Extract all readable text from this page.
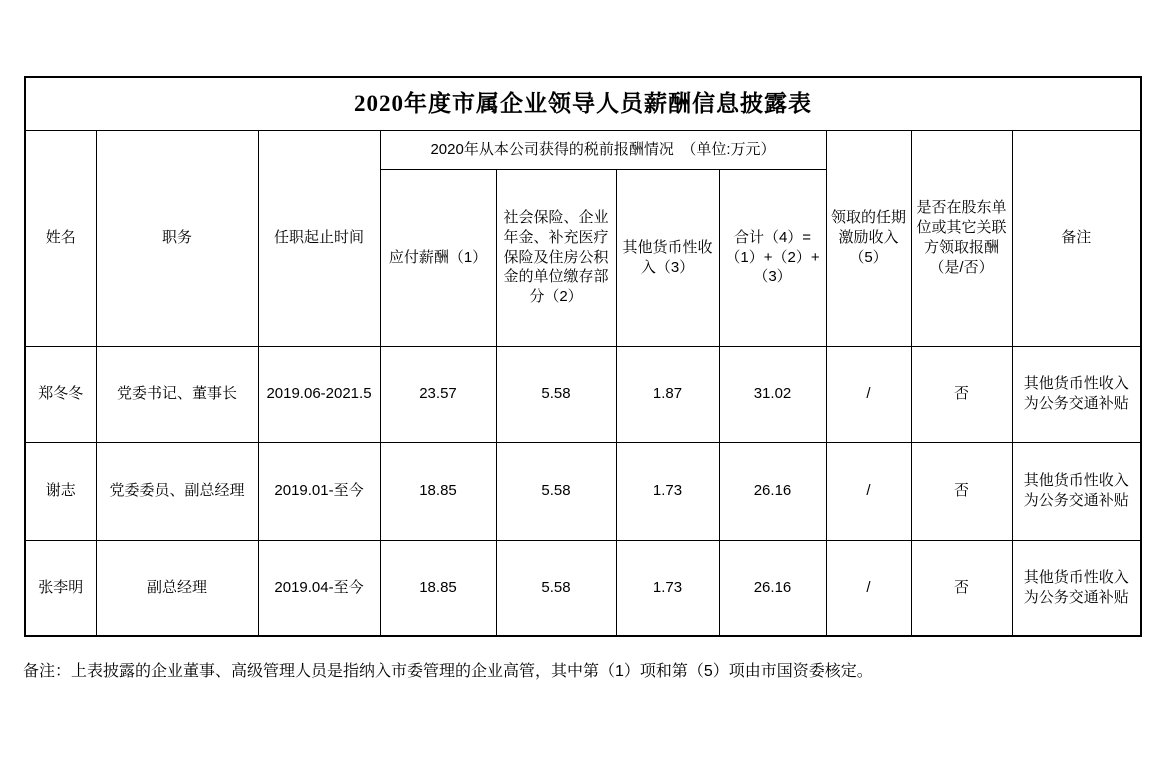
2020年度市属企业领导人员薪酬信息披露表									
姓名	职务	任职起止时间	2020年从本公司获得的税前报酬情况　（单位:万元）				领取的任期激励收入（5）	是否在股东单位或其它关联方领取报酬（是/否）	备注
			应付薪酬（1）	社会保险、企业年金、补充医疗保险及住房公积金的单位缴存部分（2）	其他货币性收入（3）	合计（4）=（1）+（2）+（3）			
郑冬冬	党委书记、董事长	2019.06-2021.5	23.57	5.58	1.87	31.02	/	否	其他货币性收入为公务交通补贴
谢志	党委委员、副总经理	2019.01-至今	18.85	5.58	1.73	26.16	/	否	其他货币性收入为公务交通补贴
张李明	副总经理	2019.04-至今	18.85	5.58	1.73	26.16	/	否	其他货币性收入为公务交通补贴
备注：上表披露的企业董事、高级管理人员是指纳入市委管理的企业高管，其中第（1）项和第（5）项由市国资委核定。
